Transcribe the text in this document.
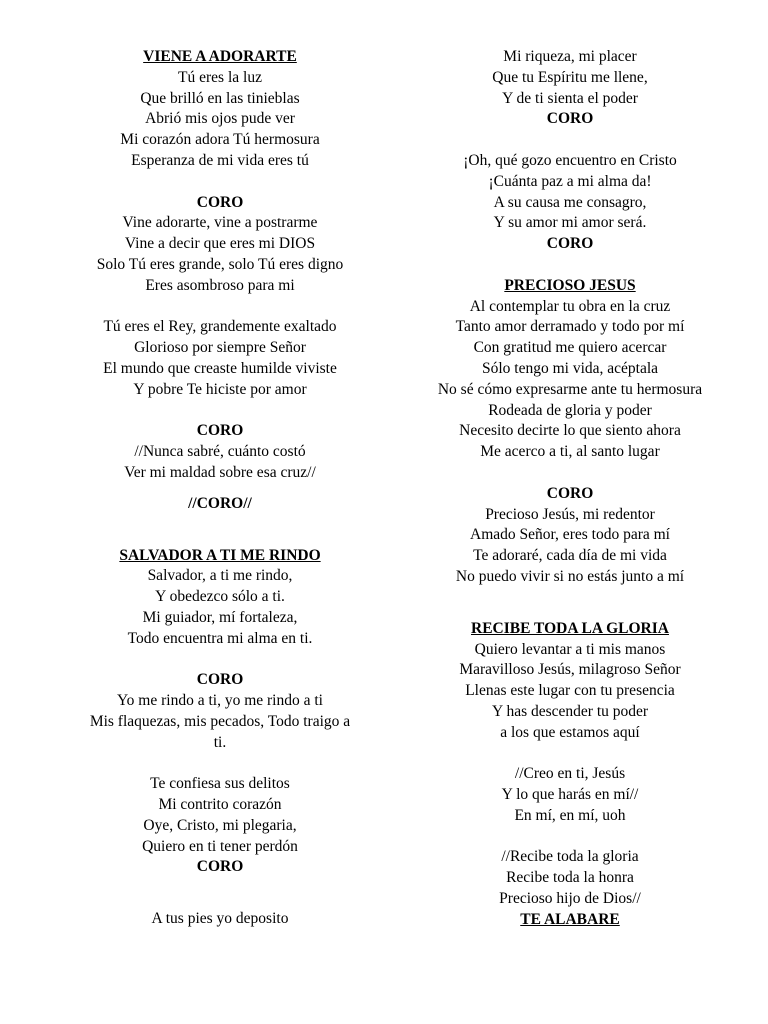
VIENE A ADORARTE
Tú eres la luz
Que brilló en las tinieblas
Abrió mis ojos pude ver
Mi corazón adora Tú hermosura
Esperanza de mi vida eres tú
CORO
Vine adorarte, vine a postrarme
Vine a decir que eres mi DIOS
Solo Tú eres grande, solo Tú eres digno
Eres asombroso para mi
Tú eres el Rey, grandemente exaltado
Glorioso por siempre Señor
El mundo que creaste humilde viviste
Y pobre Te hiciste por amor
CORO
//Nunca sabré, cuánto costó
Ver mi maldad sobre esa cruz//
//CORO//
SALVADOR A TI ME RINDO
Salvador, a ti me rindo,
Y obedezco sólo a ti.
Mi guiador, mí fortaleza,
Todo encuentra mi alma en ti.
CORO
Yo me rindo a ti, yo me rindo a ti
Mis flaquezas, mis pecados, Todo traigo a
ti.
Te confiesa sus delitos
Mi contrito corazón
Oye, Cristo, mi plegaria,
Quiero en ti tener perdón
CORO
A tus pies yo deposito
Mi riqueza, mi placer
Que tu Espíritu me llene,
Y de ti sienta el poder
CORO
¡Oh, qué gozo encuentro en Cristo
¡Cuánta paz a mi alma da!
A su causa me consagro,
Y su amor mi amor será.
CORO
PRECIOSO JESUS
Al contemplar tu obra en la cruz
Tanto amor derramado y todo por mí
Con gratitud me quiero acercar
Sólo tengo mi vida, acéptala
No sé cómo expresarme ante tu hermosura
Rodeada de gloria y poder
Necesito decirte lo que siento ahora
Me acerco a ti, al santo lugar
CORO
Precioso Jesús, mi redentor
Amado Señor, eres todo para mí
Te adoraré, cada día de mi vida
No puedo vivir si no estás junto a mí
RECIBE TODA LA GLORIA
Quiero levantar a ti mis manos
Maravilloso Jesús, milagroso Señor
Llenas este lugar con tu presencia
Y has descender tu poder
a los que estamos aquí
//Creo en ti, Jesús
Y lo que harás en mí//
En mí, en mí, uoh
//Recibe toda la gloria
Recibe toda la honra
Precioso hijo de Dios//
TE ALABARE
